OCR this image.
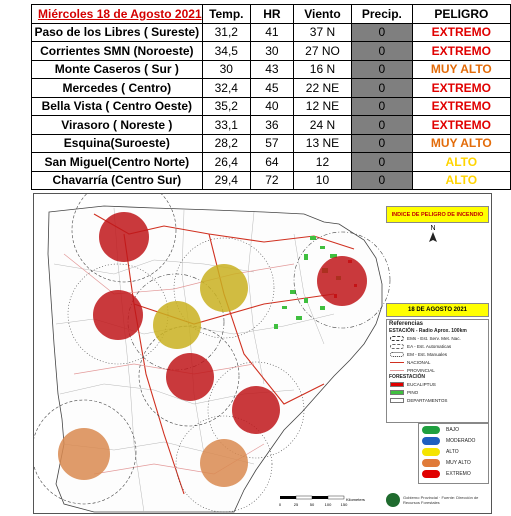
Miércoles 18 de Agosto 2021	Temp.	HR	Viento	Precip.	PELIGRO
Paso de los Libres ( Sureste)	31,2	41	37 N	0	EXTREMO
Corrientes SMN (Noroeste)	34,5	30	27 NO	0	EXTREMO
Monte Caseros ( Sur )	30	43	16 N	0	MUY ALTO
Mercedes ( Centro)	32,4	45	22 NE	0	EXTREMO
Bella Vista ( Centro Oeste)	35,2	40	12 NE	0	EXTREMO
Virasoro ( Noreste )	33,1	36	24 N	0	EXTREMO
Esquina(Suroeste)	28,2	57	13 NE	0	MUY ALTO
San Miguel(Centro Norte)	26,4	64	12	0	ALTO
Chavarría (Centro Sur)	29,4	72	10	0	ALTO
N
0	25	50	100 150
INDICE DE PELIGRO DE INCENDIO
18 DE AGOSTO 2021
Referencias
ESTACIÓN - Radio Aprox. 100km
EMs - Est. Serv. Met. Nac.
EA - Est. Automaticas
EM - Est. Manuales
NACIONAL
PROVINCIAL
FORESTACIÓN
EUCALIPTUS
PINO
DEPARTAMENTOS
BAJO
MODERADO
ALTO
MUY ALTO
EXTREMO
Kilometers	Gobierno Provincial · Fuente: Dirección de Recursos Forestales
